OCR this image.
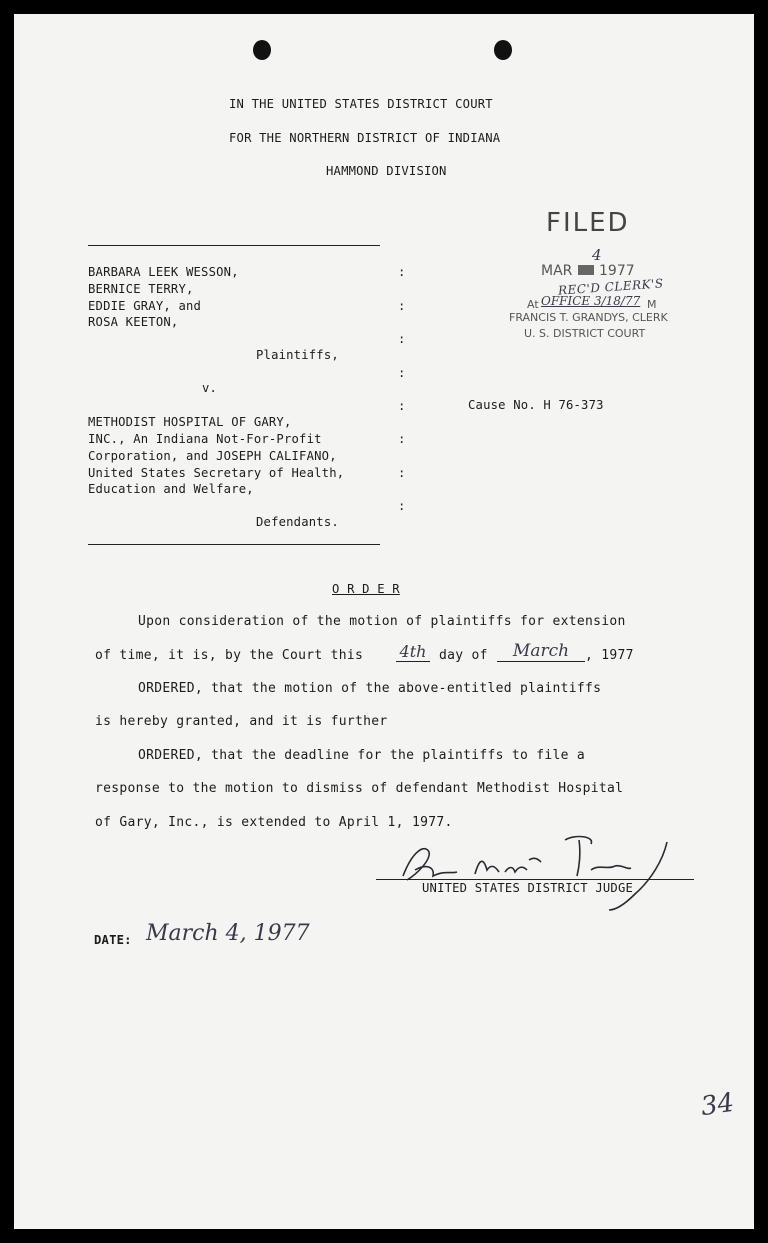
IN THE UNITED STATES DISTRICT COURT
FOR THE NORTHERN DISTRICT OF INDIANA
HAMMOND DIVISION
FILED
MAR
4
1977
REC'D CLERK'S
At OFFICE 3/18/77 M
FRANCIS T. GRANDYS, CLERK
U. S. DISTRICT COURT
BARBARA LEEK WESSON,
BERNICE TERRY,
EDDIE GRAY, and
ROSA KEETON,
Plaintiffs,
v.
METHODIST HOSPITAL OF GARY,
INC., An Indiana Not-For-Profit
Corporation, and JOSEPH CALIFANO,
United States Secretary of Health,
Education and Welfare,
Defendants.
:
:
:
:
:
:
:
:
Cause No. H 76-373
O R D E R
Upon consideration of the motion of plaintiffs for extension
of time, it is, by the Court this 4th day of	March	, 1977
ORDERED, that the motion of the above-entitled plaintiffs
is hereby granted, and it is further
ORDERED, that the deadline for the plaintiffs to file a
response to the motion to dismiss of defendant Methodist Hospital
of Gary, Inc., is extended to April 1, 1977.
UNITED STATES DISTRICT JUDGE
DATE: March 4, 1977
34
